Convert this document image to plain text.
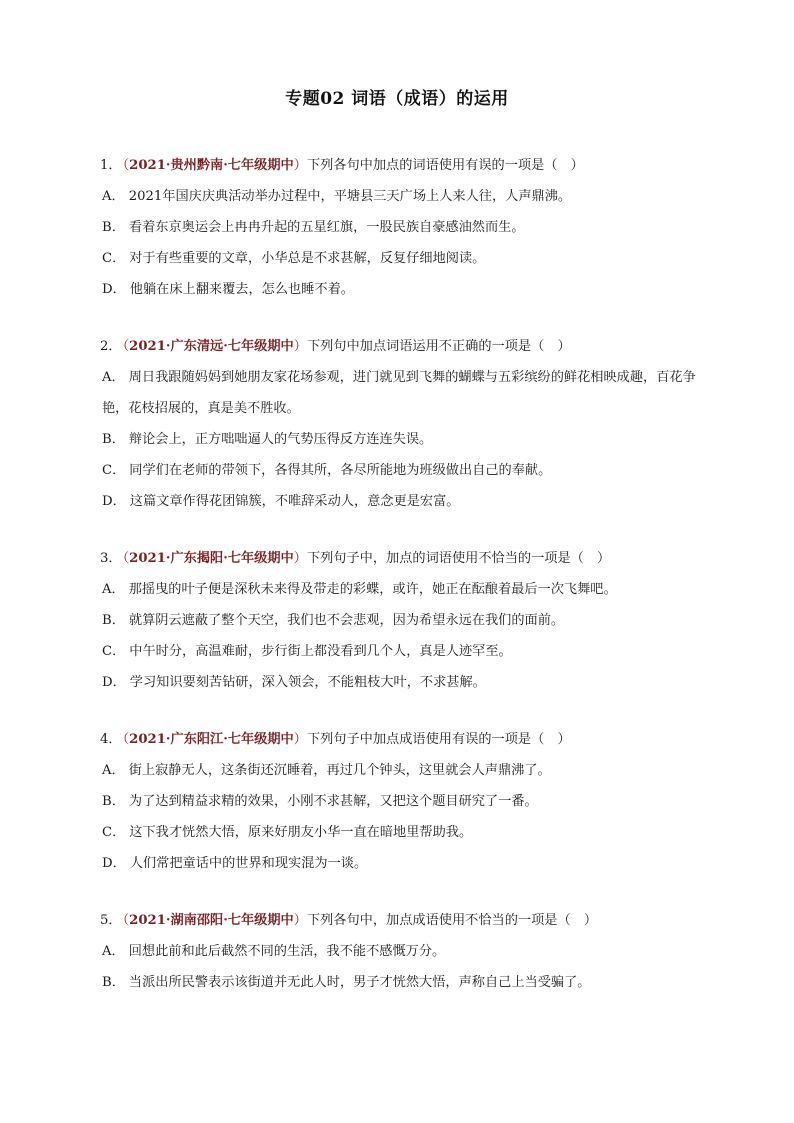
专题02 词语（成语）的运用
1．（2021·贵州黔南·七年级期中）下列各句中加点的词语使用有误的一项是（　）
A． 2021年国庆庆典活动举办过程中，平塘县三天广场上人来人往，人声鼎沸。
B． 看着东京奥运会上冉冉升起的五星红旗，一股民族自豪感油然而生。
C． 对于有些重要的文章，小华总是不求甚解，反复仔细地阅读。
D． 他躺在床上翻来覆去，怎么也睡不着。
2．（2021·广东清远·七年级期中）下列句中加点词语运用不正确的一项是（　）
A． 周日我跟随妈妈到她朋友家花场参观，进门就见到飞舞的蝴蝶与五彩缤纷的鲜花相映成趣，百花争艳，花枝招展的，真是美不胜收。
B． 辩论会上，正方咄咄逼人的气势压得反方连连失误。
C． 同学们在老师的带领下，各得其所，各尽所能地为班级做出自己的奉献。
D． 这篇文章作得花团锦簇，不唯辞采动人，意念更是宏富。
3．（2021·广东揭阳·七年级期中）下列句子中，加点的词语使用不恰当的一项是（　）
A． 那摇曳的叶子便是深秋未来得及带走的彩蝶，或许，她正在酝酿着最后一次飞舞吧。
B． 就算阴云遮蔽了整个天空，我们也不会悲观，因为希望永远在我们的面前。
C． 中午时分，高温难耐，步行街上都没看到几个人，真是人迹罕至。
D． 学习知识要刻苦钻研，深入领会，不能粗枝大叶，不求甚解。
4．（2021·广东阳江·七年级期中）下列句子中加点成语使用有误的一项是（　）
A． 街上寂静无人，这条街还沉睡着，再过几个钟头，这里就会人声鼎沸了。
B． 为了达到精益求精的效果，小刚不求甚解，又把这个题目研究了一番。
C． 这下我才恍然大悟，原来好朋友小华一直在暗地里帮助我。
D． 人们常把童话中的世界和现实混为一谈。
5．（2021·湖南邵阳·七年级期中）下列各句中，加点成语使用不恰当的一项是（　）
A． 回想此前和此后截然不同的生活，我不能不感慨万分。
B． 当派出所民警表示该街道并无此人时，男子才恍然大悟，声称自己上当受骗了。
